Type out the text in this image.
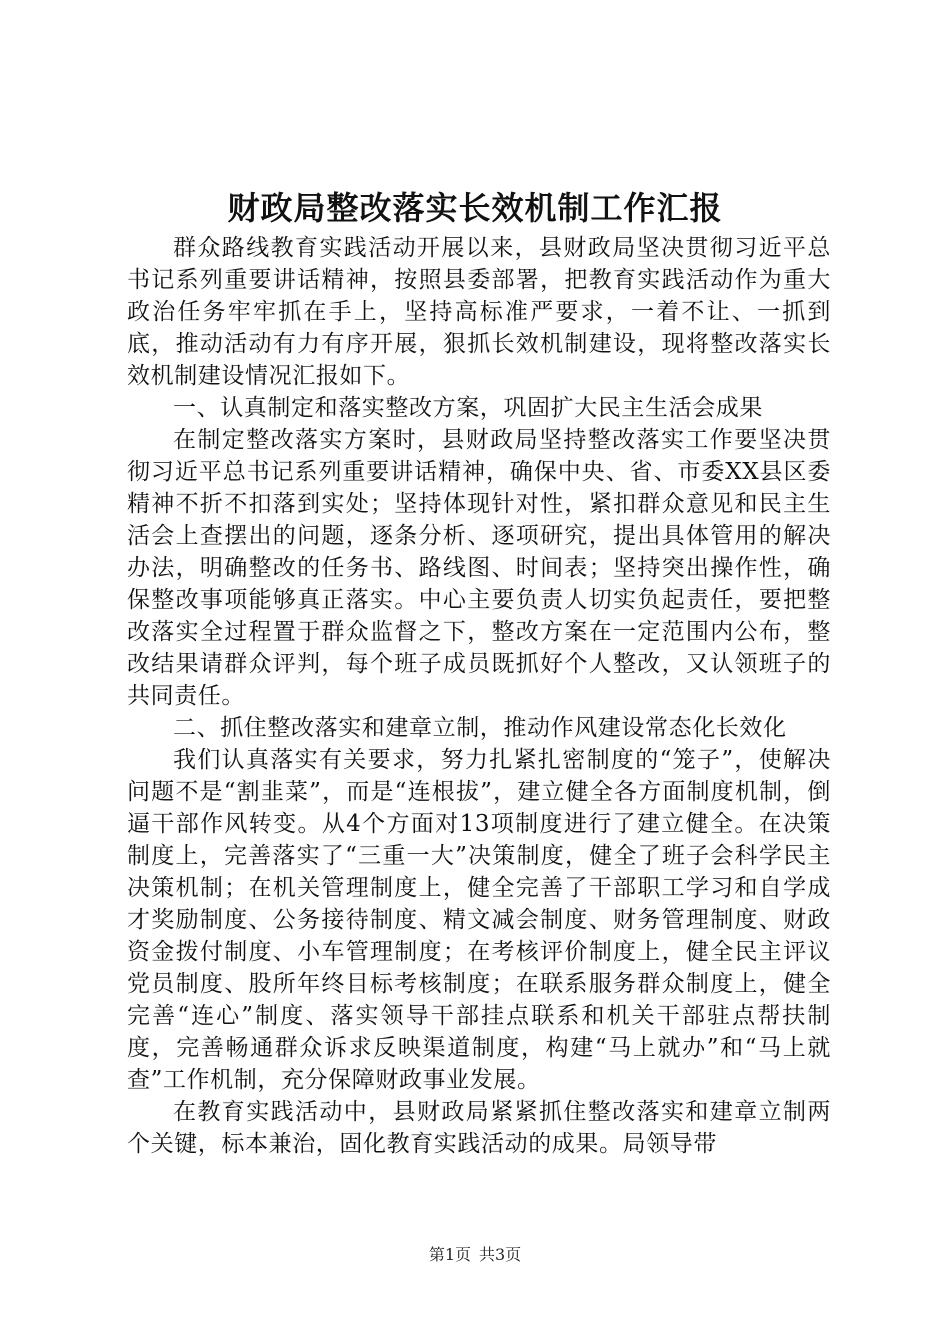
财政局整改落实长效机制工作汇报

群众路线教育实践活动开展以来，县财政局坚决贯彻习近平总书记系列重要讲话精神，按照县委部署，把教育实践活动作为重大政治任务牢牢抓在手上，坚持高标准严要求，一着不让、一抓到底，推动活动有力有序开展，狠抓长效机制建设，现将整改落实长效机制建设情况汇报如下。

一、认真制定和落实整改方案，巩固扩大民主生活会成果

在制定整改落实方案时，县财政局坚持整改落实工作要坚决贯彻习近平总书记系列重要讲话精神，确保中央、省、市委XX县区委精神不折不扣落到实处；坚持体现针对性，紧扣群众意见和民主生活会上查摆出的问题，逐条分析、逐项研究，提出具体管用的解决办法，明确整改的任务书、路线图、时间表；坚持突出操作性，确保整改事项能够真正落实。中心主要负责人切实负起责任，要把整改落实全过程置于群众监督之下，整改方案在一定范围内公布，整改结果请群众评判，每个班子成员既抓好个人整改，又认领班子的共同责任。

二、抓住整改落实和建章立制，推动作风建设常态化长效化

我们认真落实有关要求，努力扎紧扎密制度的“笼子”，使解决问题不是“割韭菜”，而是“连根拔”，建立健全各方面制度机制，倒逼干部作风转变。从4个方面对13项制度进行了建立健全。在决策制度上，完善落实了“三重一大”决策制度，健全了班子会科学民主决策机制；在机关管理制度上，健全完善了干部职工学习和自学成才奖励制度、公务接待制度、精文减会制度、财务管理制度、财政资金拨付制度、小车管理制度；在考核评价制度上，健全民主评议党员制度、股所年终目标考核制度；在联系服务群众制度上，健全完善“连心”制度、落实领导干部挂点联系和机关干部驻点帮扶制度，完善畅通群众诉求反映渠道制度，构建“马上就办”和“马上就查”工作机制，充分保障财政事业发展。

在教育实践活动中，县财政局紧紧抓住整改落实和建章立制两个关键，标本兼治，固化教育实践活动的成果。局领导带

第1页 共3页
